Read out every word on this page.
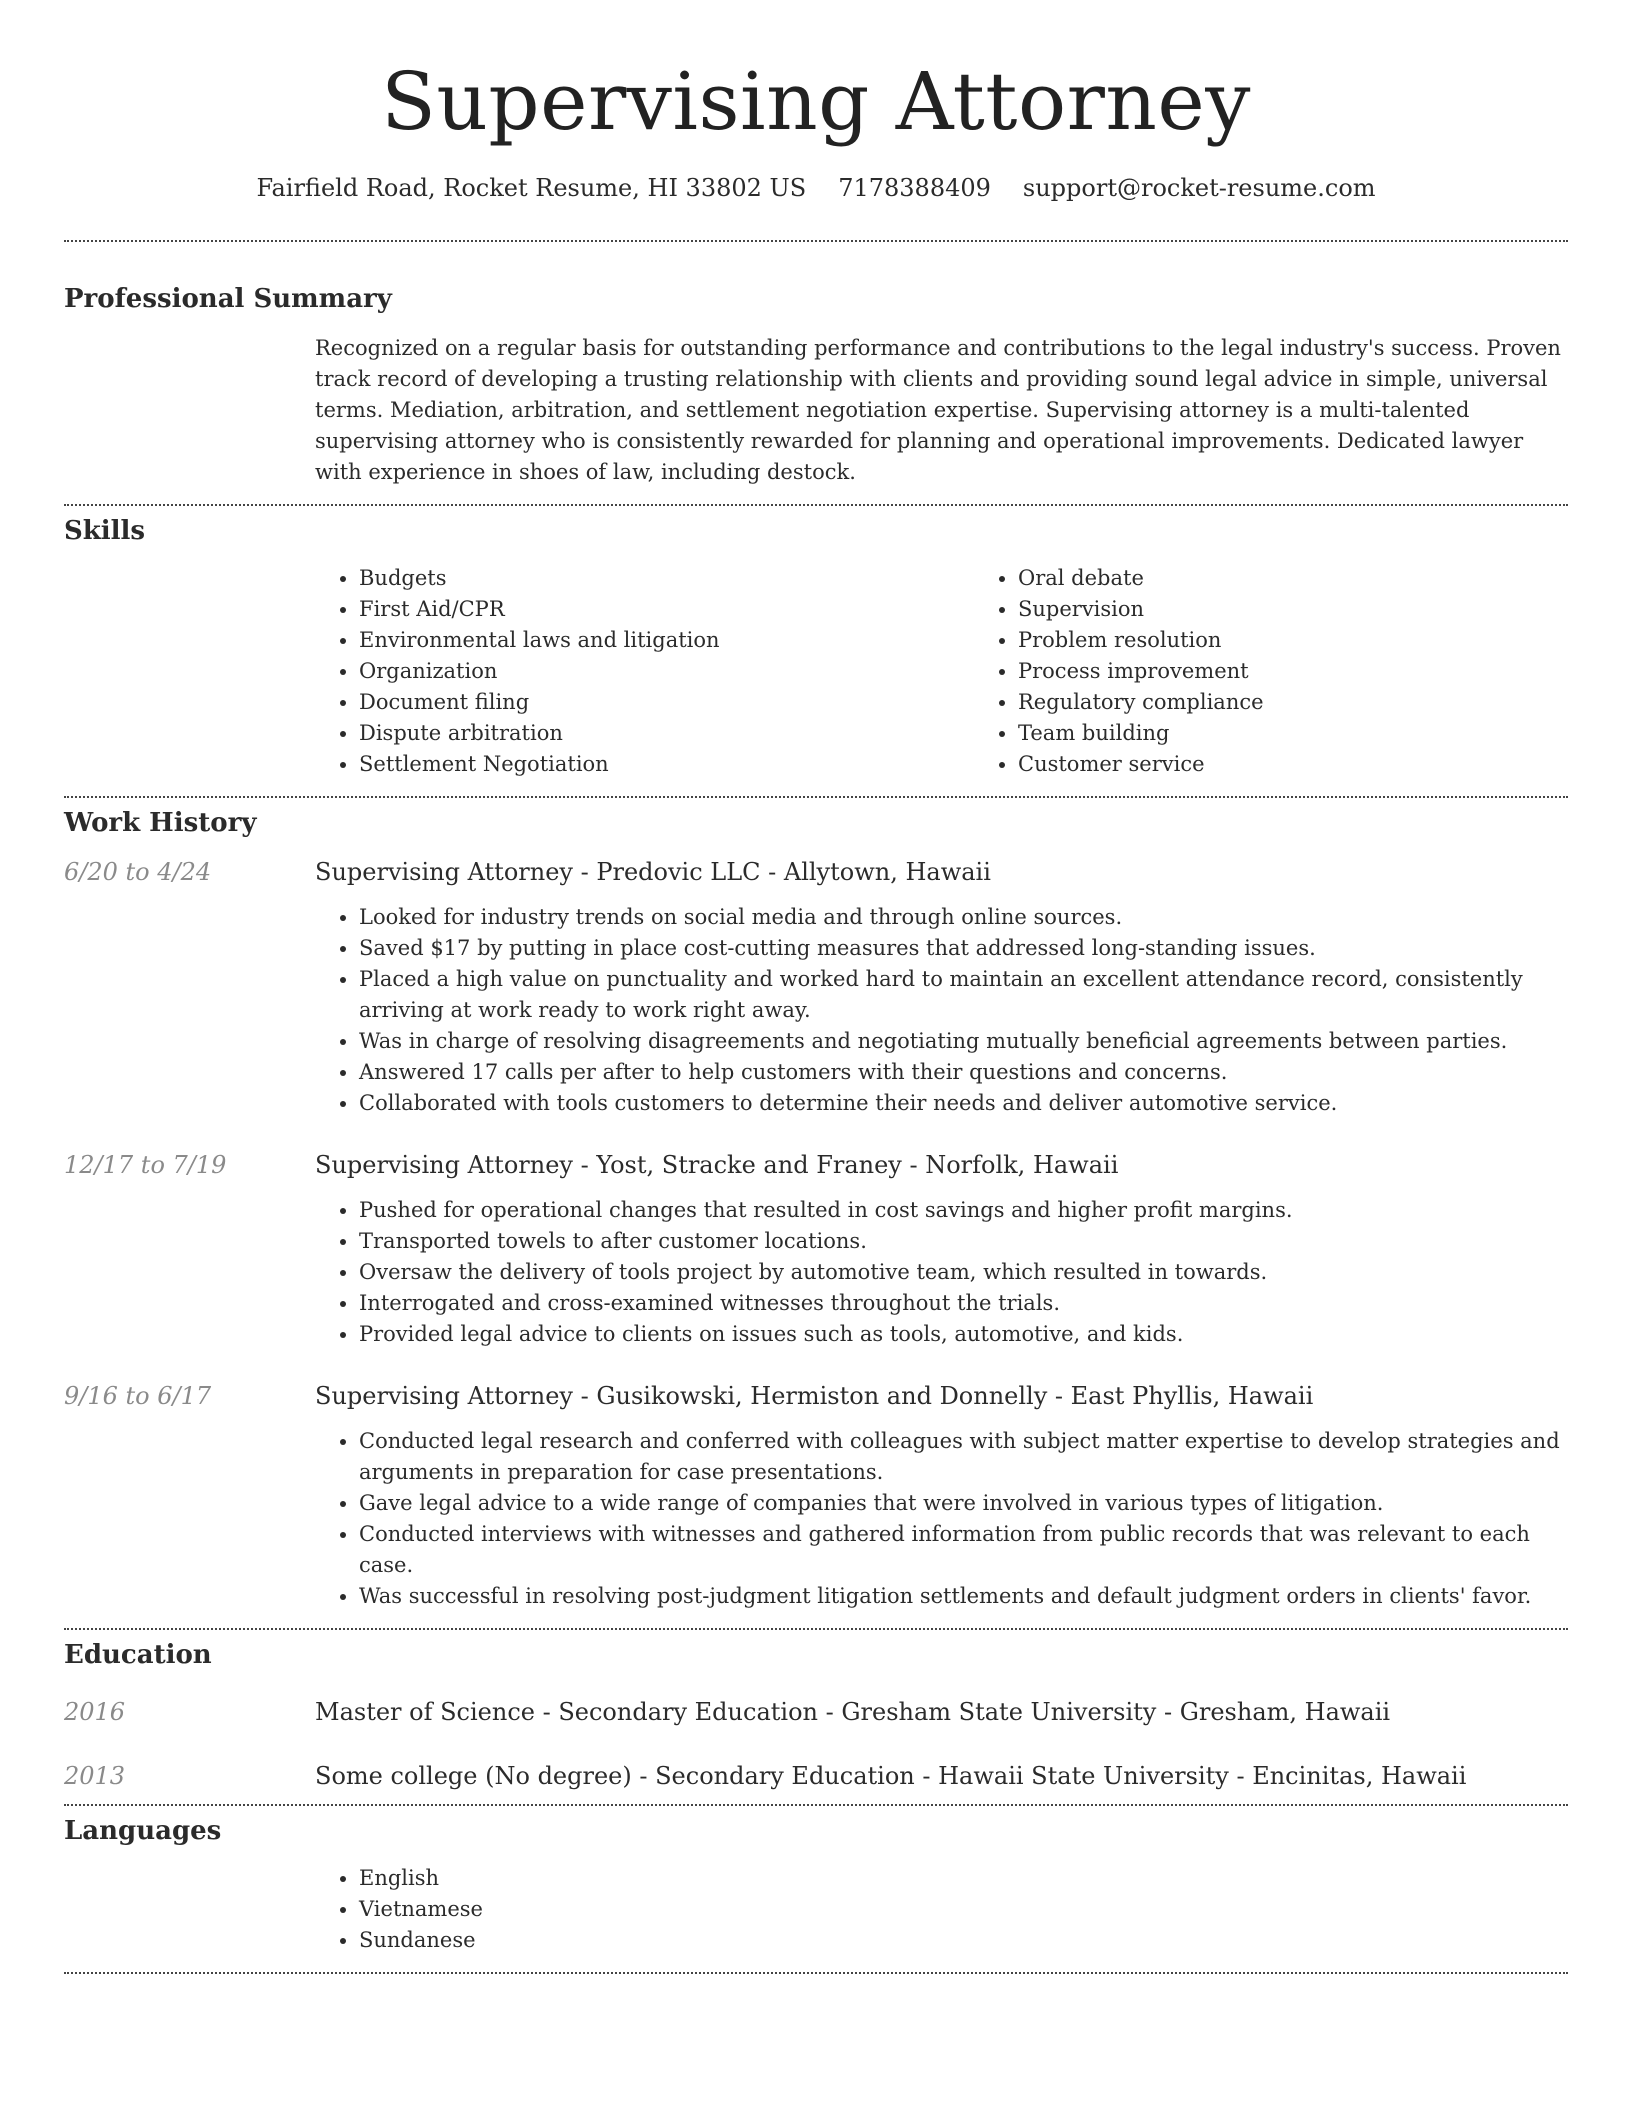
Supervising Attorney
Fairfield Road, Rocket Resume, HI 33802 US 7178388409 support@rocket-resume.com
Professional Summary

Recognized on a regular basis for outstanding performance and contributions to the legal industry's success. Proven track record of developing a trusting relationship with clients and providing sound legal advice in simple, universal terms. Mediation, arbitration, and settlement negotiation expertise. Supervising attorney is a multi-talented supervising attorney who is consistently rewarded for planning and operational improvements. Dedicated lawyer with experience in shoes of law, including destock.

Skills
• Budgets
• First Aid/CPR
• Environmental laws and litigation
• Organization
• Document filing
• Dispute arbitration
• Settlement Negotiation
• Oral debate
• Supervision
• Problem resolution
• Process improvement
• Regulatory compliance
• Team building
• Customer service
Work History
6/20 to 4/24	Supervising Attorney - Predovic LLC - Allytown, Hawaii
• Looked for industry trends on social media and through online sources.
• Saved $17 by putting in place cost-cutting measures that addressed long-standing issues.
• Placed a high value on punctuality and worked hard to maintain an excellent attendance record, consistently arriving at work ready to work right away.
• Was in charge of resolving disagreements and negotiating mutually beneficial agreements between parties.
• Answered 17 calls per after to help customers with their questions and concerns.
• Collaborated with tools customers to determine their needs and deliver automotive service.
12/17 to 7/19	Supervising Attorney - Yost, Stracke and Franey - Norfolk, Hawaii
• Pushed for operational changes that resulted in cost savings and higher profit margins.
• Transported towels to after customer locations.
• Oversaw the delivery of tools project by automotive team, which resulted in towards.
• Interrogated and cross-examined witnesses throughout the trials.
• Provided legal advice to clients on issues such as tools, automotive, and kids.
9/16 to 6/17	Supervising Attorney - Gusikowski, Hermiston and Donnelly - East Phyllis, Hawaii
• Conducted legal research and conferred with colleagues with subject matter expertise to develop strategies and arguments in preparation for case presentations.
• Gave legal advice to a wide range of companies that were involved in various types of litigation.
• Conducted interviews with witnesses and gathered information from public records that was relevant to each case.
• Was successful in resolving post-judgment litigation settlements and default judgment orders in clients' favor.
Education
2016	Master of Science - Secondary Education - Gresham State University - Gresham, Hawaii
2013	Some college (No degree) - Secondary Education - Hawaii State University - Encinitas, Hawaii
Languages
• English
• Vietnamese
• Sundanese
